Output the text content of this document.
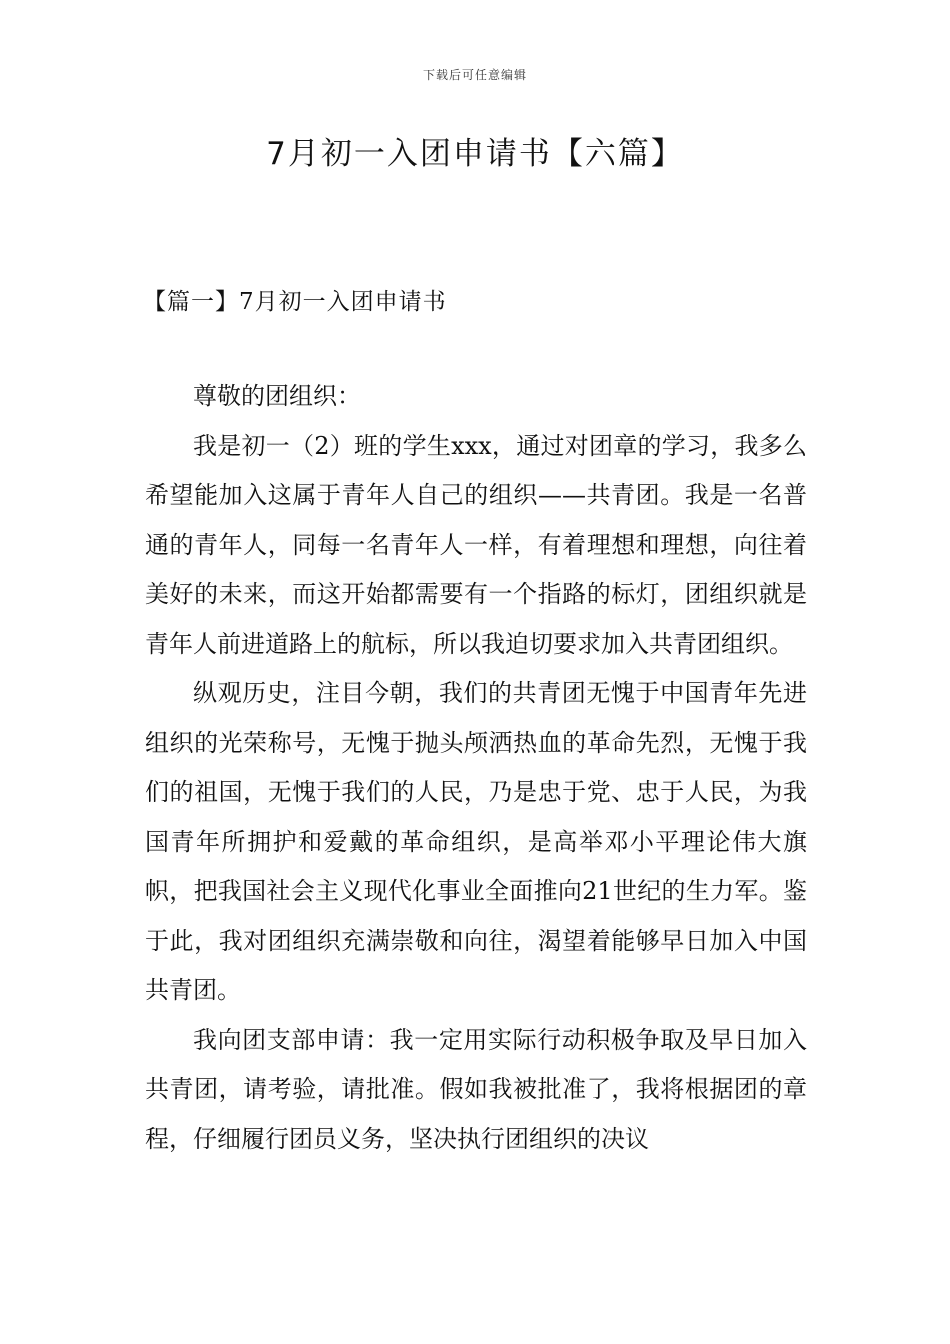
下载后可任意编辑
7月初一入团申请书【六篇】
【篇一】7月初一入团申请书

尊敬的团组织：

我是初一（2）班的学生xxx，通过对团章的学习，我多么希望能加入这属于青年人自己的组织——共青团。我是一名普通的青年人，同每一名青年人一样，有着理想和理想，向往着美好的未来，而这开始都需要有一个指路的标灯，团组织就是青年人前进道路上的航标，所以我迫切要求加入共青团组织。

纵观历史，注目今朝，我们的共青团无愧于中国青年先进组织的光荣称号，无愧于抛头颅洒热血的革命先烈，无愧于我们的祖国，无愧于我们的人民，乃是忠于党、忠于人民，为我国青年所拥护和爱戴的革命组织，是高举邓小平理论伟大旗帜，把我国社会主义现代化事业全面推向21世纪的生力军。鉴于此，我对团组织充满崇敬和向往，渴望着能够早日加入中国共青团。

我向团支部申请：我一定用实际行动积极争取及早日加入共青团，请考验，请批准。假如我被批准了，我将根据团的章程，仔细履行团员义务，坚决执行团组织的决议
